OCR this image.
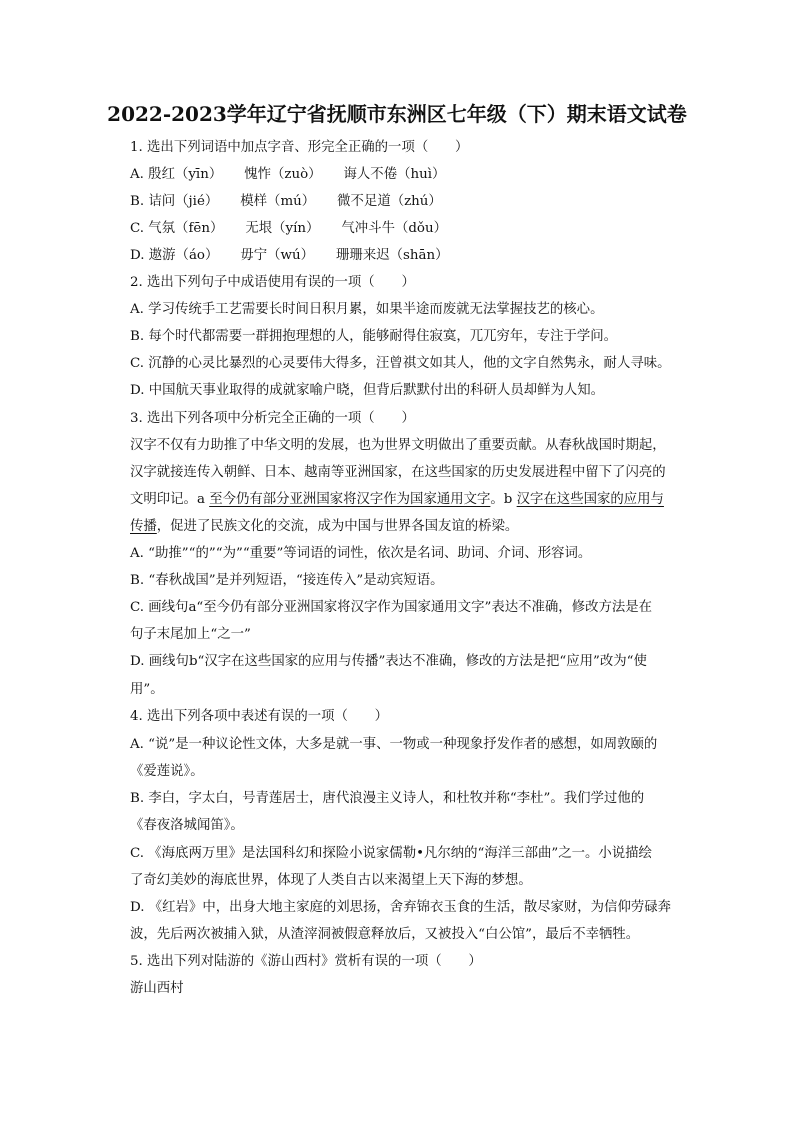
2022-2023学年辽宁省抚顺市东洲区七年级（下）期末语文试卷
1. 选出下列词语中加点字音、形完全正确的一项（　　）
A. 殷红（yīn） 愧怍（zuò） 诲人不倦（huì）
B. 诘问（jié） 模样（mú） 微不足道（zhú）
C. 气氛（fēn） 无垠（yín） 气冲斗牛（dǒu）
D. 遨游（áo） 毋宁（wú） 珊珊来迟（shān）
2. 选出下列句子中成语使用有误的一项（　　）
A. 学习传统手工艺需要长时间日积月累，如果半途而废就无法掌握技艺的核心。
B. 每个时代都需要一群拥抱理想的人，能够耐得住寂寞，兀兀穷年，专注于学问。
C. 沉静的心灵比暴烈的心灵要伟大得多，汪曾祺文如其人，他的文字自然隽永，耐人寻味。
D. 中国航天事业取得的成就家喻户晓，但背后默默付出的科研人员却鲜为人知。
3. 选出下列各项中分析完全正确的一项（　　）
汉字不仅有力助推了中华文明的发展，也为世界文明做出了重要贡献。从春秋战国时期起，
汉字就接连传入朝鲜、日本、越南等亚洲国家，在这些国家的历史发展进程中留下了闪亮的
文明印记。a 至今仍有部分亚洲国家将汉字作为国家通用文字。b 汉字在这些国家的应用与
传播，促进了民族文化的交流，成为中国与世界各国友谊的桥梁。
A. “助推”“的”“为”“重要”等词语的词性，依次是名词、助词、介词、形容词。
B. “春秋战国”是并列短语，“接连传入”是动宾短语。
C. 画线句a“至今仍有部分亚洲国家将汉字作为国家通用文字”表达不准确，修改方法是在
句子末尾加上“之一”
D. 画线句b“汉字在这些国家的应用与传播”表达不准确，修改的方法是把“应用”改为“使
用”。
4. 选出下列各项中表述有误的一项（　　）
A. “说”是一种议论性文体，大多是就一事、一物或一种现象抒发作者的感想，如周敦颐的
《爱莲说》。
B. 李白，字太白，号青莲居士，唐代浪漫主义诗人，和杜牧并称“李杜”。我们学过他的
《春夜洛城闻笛》。
C. 《海底两万里》是法国科幻和探险小说家儒勒•凡尔纳的“海洋三部曲”之一。小说描绘
了奇幻美妙的海底世界，体现了人类自古以来渴望上天下海的梦想。
D. 《红岩》中，出身大地主家庭的刘思扬，舍弃锦衣玉食的生活，散尽家财，为信仰劳碌奔
波，先后两次被捕入狱，从渣滓洞被假意释放后，又被投入“白公馆”，最后不幸牺牲。
5. 选出下列对陆游的《游山西村》赏析有误的一项（　　）
游山西村
